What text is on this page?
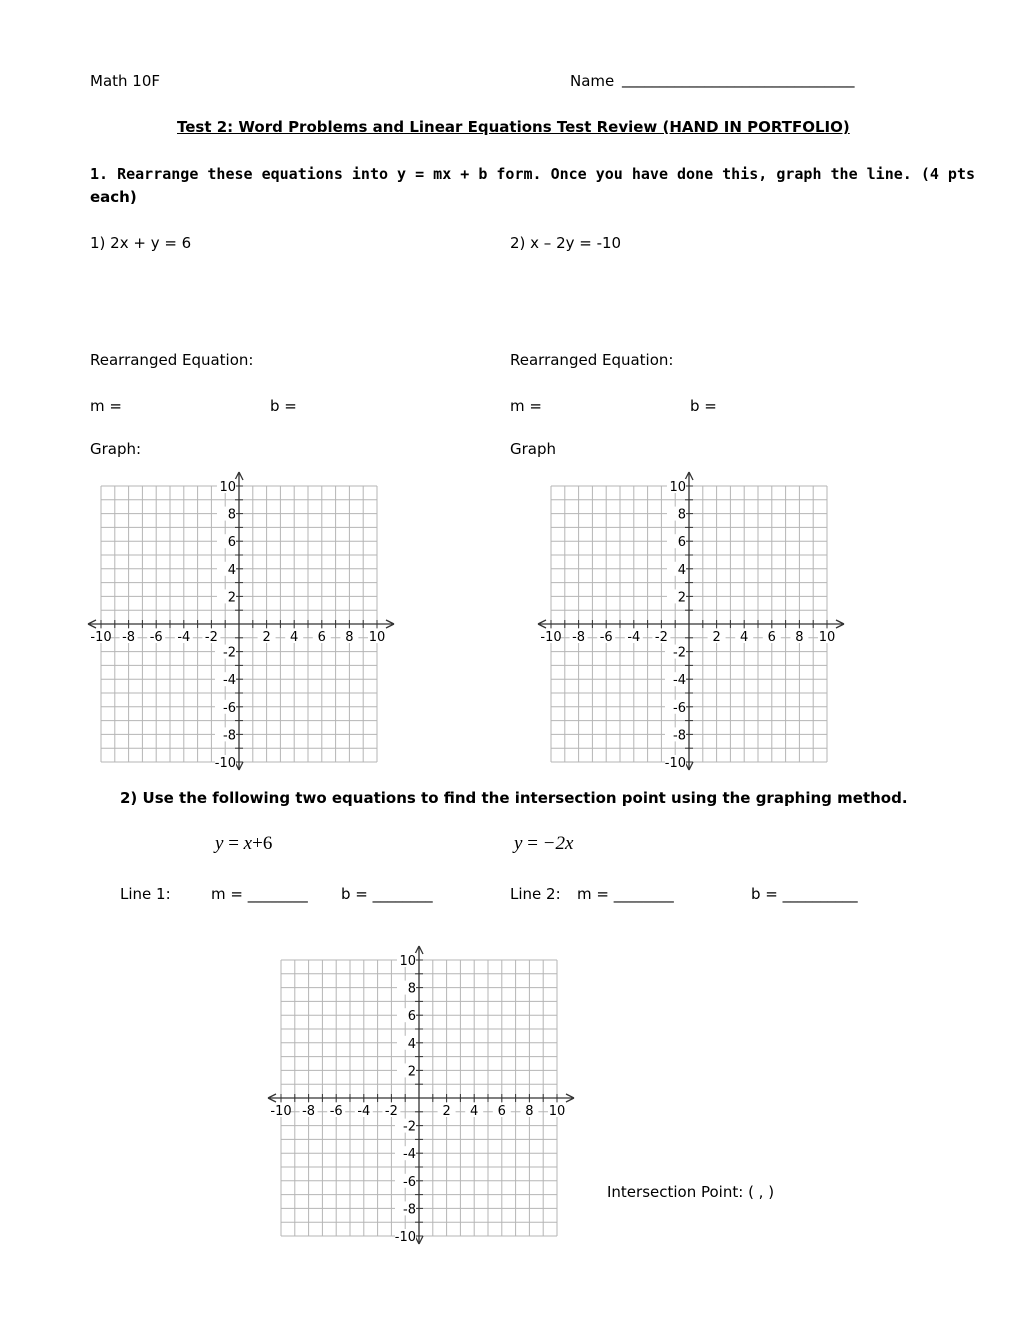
Math 10F	Name _______________________________
Test 2: Word Problems and Linear Equations Test Review (HAND IN PORTFOLIO)
1. Rearrange these equations into y = mx + b form. Once you have done this, graph the line. (4 pts
each)
1) 2x + y = 6	2) x – 2y = -10
Rearranged Equation:	Rearranged Equation:
m =	b =	m =	b =
Graph:	Graph
-10 -8 -6 -4 -2	2 4 6 8 10
10
8
6
4
2
-2
-4
-6
-8
-10
-10 -8 -6 -4 -2	2 4 6 8 10
10
8
6
4
2
-2
-4
-6
-8
-10
2) Use the following two equations to find the intersection point using the graphing method.
y = x+6	y = −2x
Line 1:	m = ________ b = ________	Line 2: m = ________	b = __________
-10 -8 -6 -4 -2	2 4 6 8 10
10
8
6
4
2
-2
-4
-6
-8
-10
Intersection Point: ( , )
